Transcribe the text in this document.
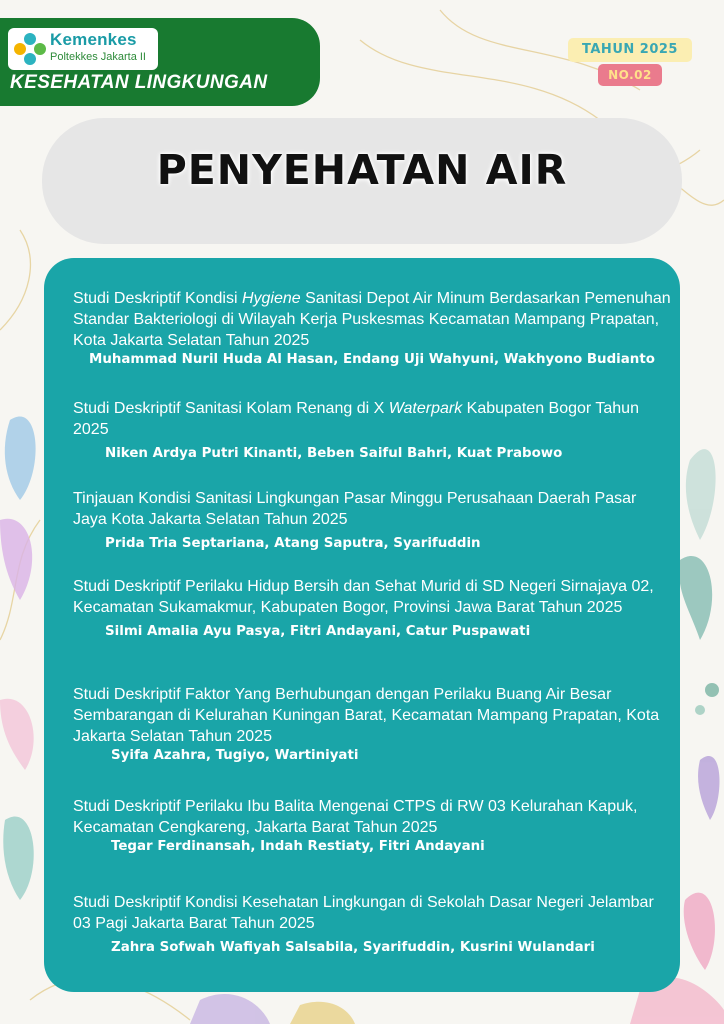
Kemenkes
Poltekkes Jakarta II
KESEHATAN LINGKUNGAN
TAHUN 2025
NO.02
PENYEHATAN AIR

Studi Deskriptif Kondisi Hygiene Sanitasi Depot Air Minum Berdasarkan Pemenuhan Standar Bakteriologi di Wilayah Kerja Puskesmas Kecamatan Mampang Prapatan, Kota Jakarta Selatan Tahun 2025

Muhammad Nuril Huda Al Hasan, Endang Uji Wahyuni, Wakhyono Budianto

Studi Deskriptif Sanitasi Kolam Renang di X Waterpark Kabupaten Bogor Tahun 2025

Niken Ardya Putri Kinanti, Beben Saiful Bahri, Kuat Prabowo

Tinjauan Kondisi Sanitasi Lingkungan Pasar Minggu Perusahaan Daerah Pasar Jaya Kota Jakarta Selatan Tahun 2025

Prida Tria Septariana, Atang Saputra, Syarifuddin

Studi Deskriptif Perilaku Hidup Bersih dan Sehat Murid di SD Negeri Sirnajaya 02, Kecamatan Sukamakmur, Kabupaten Bogor, Provinsi Jawa Barat Tahun 2025

Silmi Amalia Ayu Pasya, Fitri Andayani, Catur Puspawati

Studi Deskriptif Faktor Yang Berhubungan dengan Perilaku Buang Air Besar Sembarangan di Kelurahan Kuningan Barat, Kecamatan Mampang Prapatan, Kota Jakarta Selatan Tahun 2025

Syifa Azahra, Tugiyo, Wartiniyati

Studi Deskriptif Perilaku Ibu Balita Mengenai CTPS di RW 03 Kelurahan Kapuk, Kecamatan Cengkareng, Jakarta Barat Tahun 2025

Tegar Ferdinansah, Indah Restiaty, Fitri Andayani

Studi Deskriptif Kondisi Kesehatan Lingkungan di Sekolah Dasar Negeri Jelambar 03 Pagi Jakarta Barat Tahun 2025

Zahra Sofwah Wafiyah Salsabila, Syarifuddin, Kusrini Wulandari
